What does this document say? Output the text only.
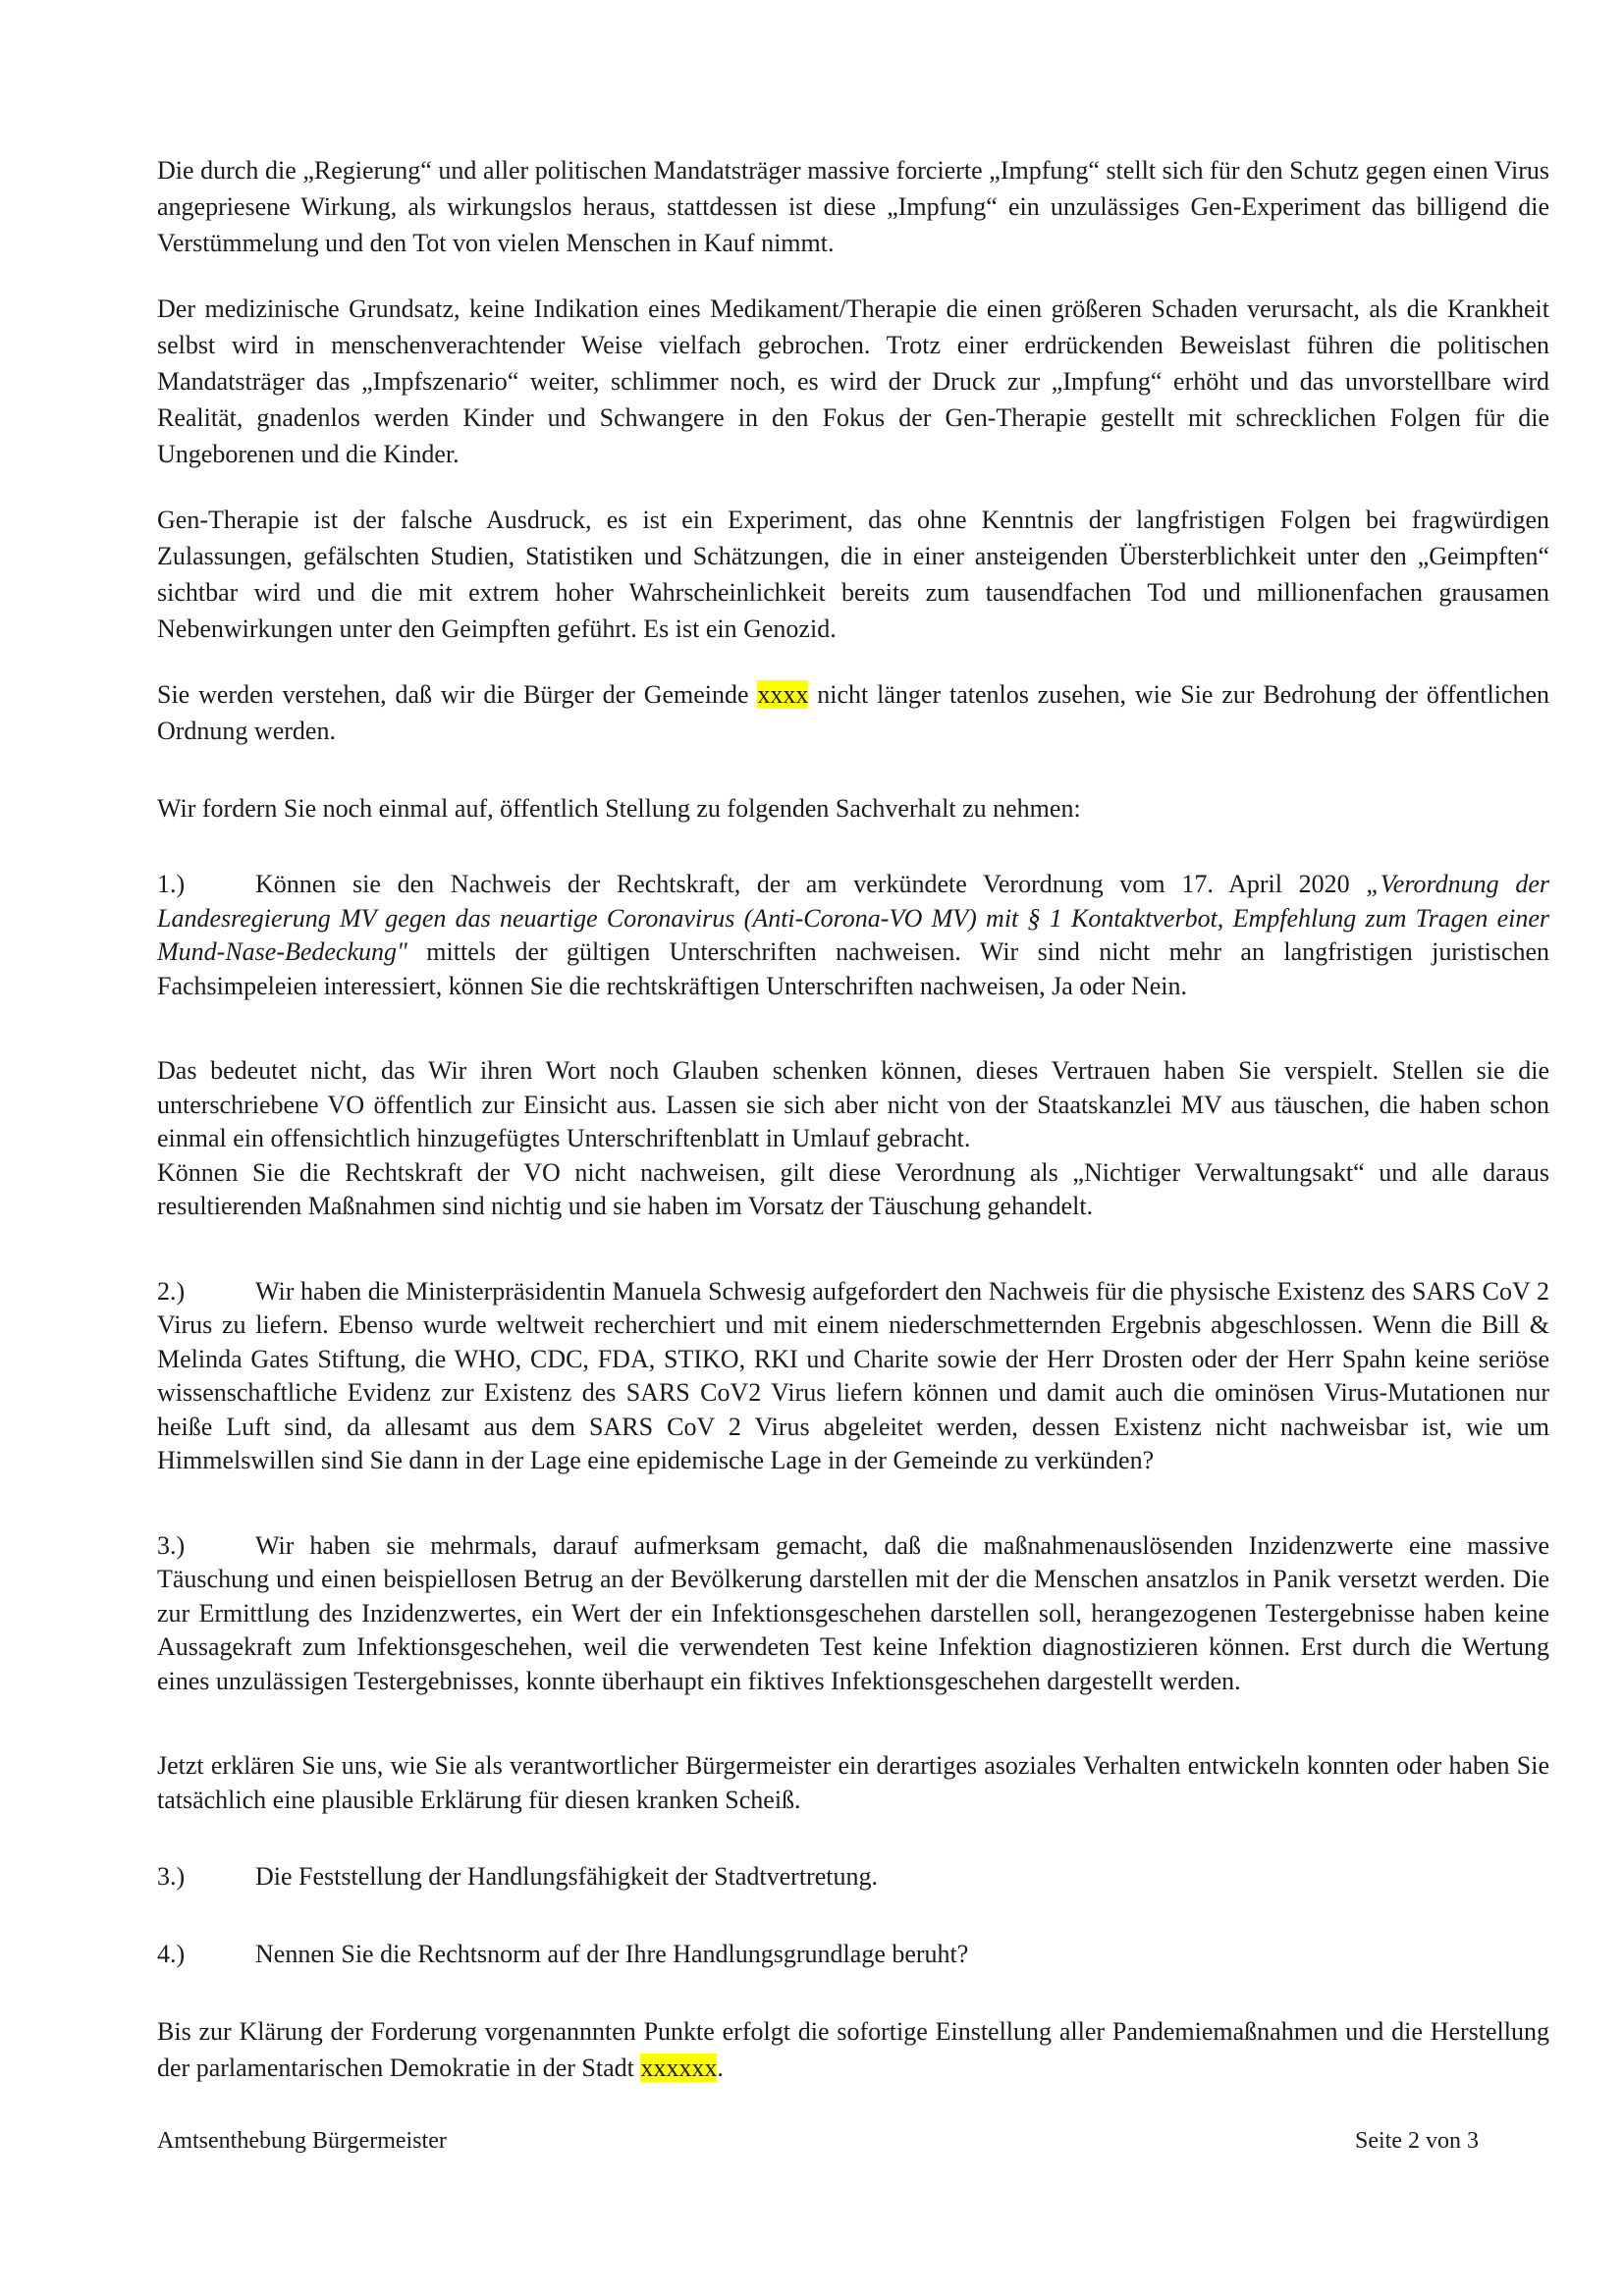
Die durch die „Regierung“ und aller politischen Mandatsträger massive forcierte „Impfung“ stellt sich für den Schutz gegen einen Virus angepriesene Wirkung, als wirkungslos heraus, stattdessen ist diese „Impfung“ ein unzulässiges Gen-Experiment das billigend die Verstümmelung und den Tot von vielen Menschen in Kauf nimmt.

Der medizinische Grundsatz, keine Indikation eines Medikament/Therapie die einen größeren Schaden verursacht, als die Krankheit selbst wird in menschenverachtender Weise vielfach gebrochen. Trotz einer erdrückenden Beweislast führen die politischen Mandatsträger das „Impfszenario“ weiter, schlimmer noch, es wird der Druck zur „Impfung“ erhöht und das unvorstellbare wird Realität, gnadenlos werden Kinder und Schwangere in den Fokus der Gen-Therapie gestellt mit schrecklichen Folgen für die Ungeborenen und die Kinder.

Gen-Therapie ist der falsche Ausdruck, es ist ein Experiment, das ohne Kenntnis der langfristigen Folgen bei fragwürdigen Zulassungen, gefälschten Studien, Statistiken und Schätzungen, die in einer ansteigenden Übersterblichkeit unter den „Geimpften“ sichtbar wird und die mit extrem hoher Wahrscheinlichkeit bereits zum tausendfachen Tod und millionenfachen grausamen Nebenwirkungen unter den Geimpften geführt. Es ist ein Genozid.

Sie werden verstehen, daß wir die Bürger der Gemeinde xxxx nicht länger tatenlos zusehen, wie Sie zur Bedrohung der öffentlichen Ordnung werden.

Wir fordern Sie noch einmal auf, öffentlich Stellung zu folgenden Sachverhalt zu nehmen:

1.)	Können sie den Nachweis der Rechtskraft, der am verkündete Verordnung vom 17. April 2020 „Verordnung der Landesregierung MV gegen das neuartige Coronavirus (Anti-Corona-VO MV) mit § 1 Kontaktverbot, Empfehlung zum Tragen einer Mund-Nase-Bedeckung" mittels der gültigen Unterschriften nachweisen. Wir sind nicht mehr an langfristigen juristischen Fachsimpeleien interessiert, können Sie die rechtskräftigen Unterschriften nachweisen, Ja oder Nein.

Das bedeutet nicht, das Wir ihren Wort noch Glauben schenken können, dieses Vertrauen haben Sie verspielt. Stellen sie die unterschriebene VO öffentlich zur Einsicht aus. Lassen sie sich aber nicht von der Staatskanzlei MV aus täuschen, die haben schon einmal ein offensichtlich hinzugefügtes Unterschriftenblatt in Umlauf gebracht.

Können Sie die Rechtskraft der VO nicht nachweisen, gilt diese Verordnung als „Nichtiger Verwaltungsakt“ und alle daraus resultierenden Maßnahmen sind nichtig und sie haben im Vorsatz der Täuschung gehandelt.

2.)	Wir haben die Ministerpräsidentin Manuela Schwesig aufgefordert den Nachweis für die physische Existenz des SARS CoV 2 Virus zu liefern. Ebenso wurde weltweit recherchiert und mit einem niederschmetternden Ergebnis abgeschlossen. Wenn die Bill & Melinda Gates Stiftung, die WHO, CDC, FDA, STIKO, RKI und Charite sowie der Herr Drosten oder der Herr Spahn keine seriöse wissenschaftliche Evidenz zur Existenz des SARS CoV2 Virus liefern können und damit auch die ominösen Virus-Mutationen nur heiße Luft sind, da allesamt aus dem SARS CoV 2 Virus abgeleitet werden, dessen Existenz nicht nachweisbar ist, wie um Himmelswillen sind Sie dann in der Lage eine epidemische Lage in der Gemeinde zu verkünden?

3.)	Wir haben sie mehrmals, darauf aufmerksam gemacht, daß die maßnahmenauslösenden Inzidenzwerte eine massive Täuschung und einen beispiellosen Betrug an der Bevölkerung darstellen mit der die Menschen ansatzlos in Panik versetzt werden. Die zur Ermittlung des Inzidenzwertes, ein Wert der ein Infektionsgeschehen darstellen soll, herangezogenen Testergebnisse haben keine Aussagekraft zum Infektionsgeschehen, weil die verwendeten Test keine Infektion diagnostizieren können. Erst durch die Wertung eines unzulässigen Testergebnisses, konnte überhaupt ein fiktives Infektionsgeschehen dargestellt werden.

Jetzt erklären Sie uns, wie Sie als verantwortlicher Bürgermeister ein derartiges asoziales Verhalten entwickeln konnten oder haben Sie tatsächlich eine plausible Erklärung für diesen kranken Scheiß.

3.)	Die Feststellung der Handlungsfähigkeit der Stadtvertretung.

4.)	Nennen Sie die Rechtsnorm auf der Ihre Handlungsgrundlage beruht?

Bis zur Klärung der Forderung vorgenannnten Punkte erfolgt die sofortige Einstellung aller Pandemiemaßnahmen und die Herstellung der parlamentarischen Demokratie in der Stadt xxxxxx.

Amtsenthebung Bürgermeister	Seite 2 von 3
